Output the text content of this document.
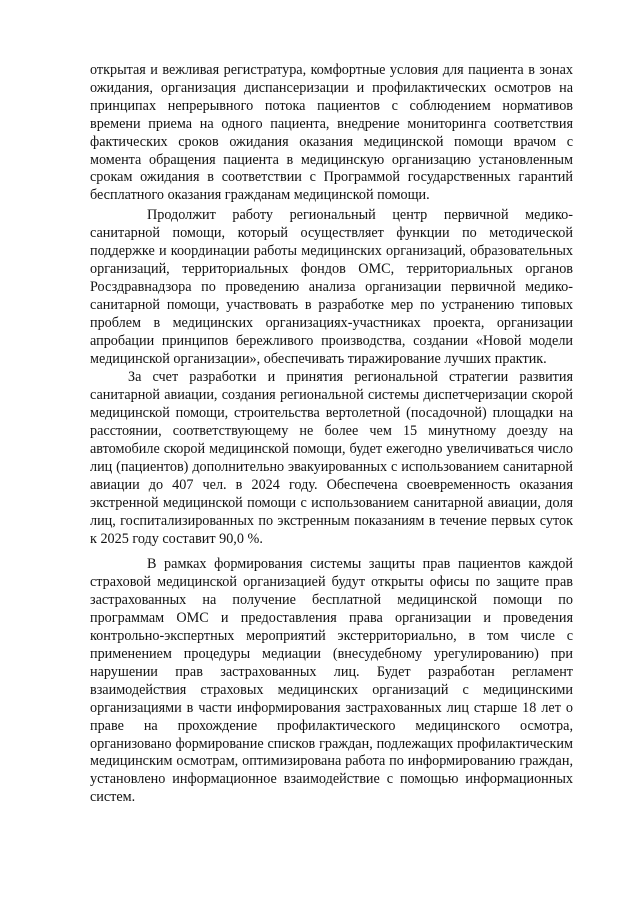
открытая и вежливая регистратура, комфортные условия для пациента в зонах ожидания, организация диспансеризации и профилактических осмотров на принципах непрерывного потока пациентов с соблюдением нормативов времени приема на одного пациента, внедрение мониторинга соответствия фактических сроков ожидания оказания медицинской помощи врачом с момента обращения пациента в медицинскую организацию установленным срокам ожидания в соответствии с Программой государственных гарантий бесплатного оказания гражданам медицинской помощи.

Продолжит работу региональный центр первичной медико-санитарной помощи, который осуществляет функции по методической поддержке и координации работы медицинских организаций, образовательных организаций, территориальных фондов ОМС, территориальных органов Росздравнадзора по проведению анализа организации первичной медико-санитарной помощи, участвовать в разработке мер по устранению типовых проблем в медицинских организациях-участниках проекта, организации апробации принципов бережливого производства, создании «Новой модели медицинской организации», обеспечивать тиражирование лучших практик.

За счет разработки и принятия региональной стратегии развития санитарной авиации, создания региональной системы диспетчеризации скорой медицинской помощи, строительства вертолетной (посадочной) площадки на расстоянии, соответствующему не более чем 15 минутному доезду на автомобиле скорой медицинской помощи, будет ежегодно увеличиваться число лиц (пациентов) дополнительно эвакуированных с использованием санитарной авиации до 407 чел. в 2024 году. Обеспечена своевременность оказания экстренной медицинской помощи с использованием санитарной авиации, доля лиц, госпитализированных по экстренным показаниям в течение первых суток к 2025 году составит 90,0 %.

В рамках формирования системы защиты прав пациентов каждой страховой медицинской организацией будут открыты офисы по защите прав застрахованных на получение бесплатной медицинской помощи по программам ОМС и предоставления права организации и проведения контрольно-экспертных мероприятий экстерриториально, в том числе с применением процедуры медиации (внесудебному урегулированию) при нарушении прав застрахованных лиц. Будет разработан регламент взаимодействия страховых медицинских организаций с медицинскими организациями в части информирования застрахованных лиц старше 18 лет о праве на прохождение профилактического медицинского осмотра, организовано формирование списков граждан, подлежащих профилактическим медицинским осмотрам, оптимизирована работа по информированию граждан, установлено информационное взаимодействие с помощью информационных систем.
